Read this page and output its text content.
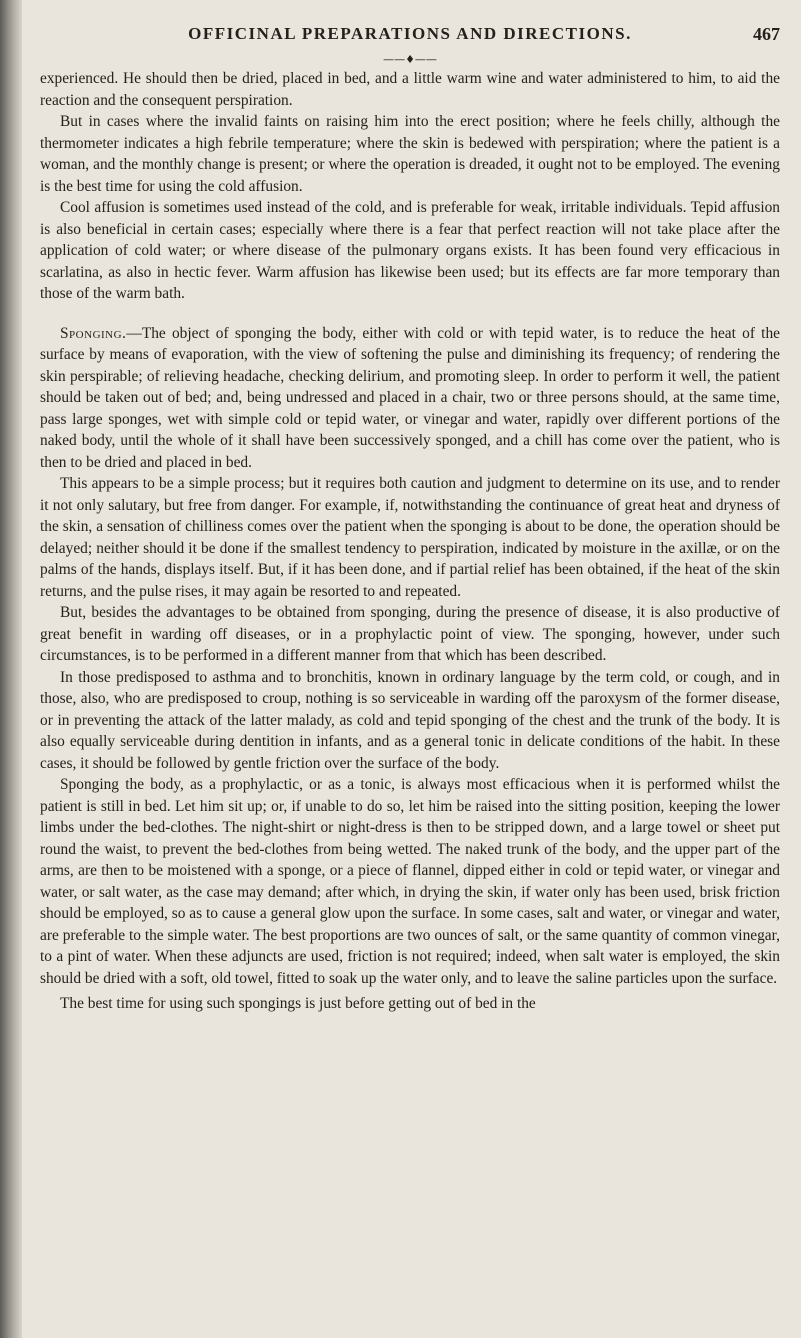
OFFICINAL PREPARATIONS AND DIRECTIONS.	467
——♦——

experienced. He should then be dried, placed in bed, and a little warm wine and water administered to him, to aid the reaction and the consequent perspiration.

But in cases where the invalid faints on raising him into the erect position; where he feels chilly, although the thermometer indicates a high febrile temperature; where the skin is bedewed with perspiration; where the patient is a woman, and the monthly change is present; or where the operation is dreaded, it ought not to be employed. The evening is the best time for using the cold affusion.

Cool affusion is sometimes used instead of the cold, and is preferable for weak, irritable individuals. Tepid affusion is also beneficial in certain cases; especially where there is a fear that perfect reaction will not take place after the application of cold water; or where disease of the pulmonary organs exists. It has been found very efficacious in scarlatina, as also in hectic fever. Warm affusion has likewise been used; but its effects are far more temporary than those of the warm bath.

Sponging.—The object of sponging the body, either with cold or with tepid water, is to reduce the heat of the surface by means of evaporation, with the view of softening the pulse and diminishing its frequency; of rendering the skin perspirable; of relieving headache, checking delirium, and promoting sleep. In order to perform it well, the patient should be taken out of bed; and, being undressed and placed in a chair, two or three persons should, at the same time, pass large sponges, wet with simple cold or tepid water, or vinegar and water, rapidly over different portions of the naked body, until the whole of it shall have been successively sponged, and a chill has come over the patient, who is then to be dried and placed in bed.

This appears to be a simple process; but it requires both caution and judgment to determine on its use, and to render it not only salutary, but free from danger. For example, if, notwithstanding the continuance of great heat and dryness of the skin, a sensation of chilliness comes over the patient when the sponging is about to be done, the operation should be delayed; neither should it be done if the smallest tendency to perspiration, indicated by moisture in the axillæ, or on the palms of the hands, displays itself. But, if it has been done, and if partial relief has been obtained, if the heat of the skin returns, and the pulse rises, it may again be resorted to and repeated.

But, besides the advantages to be obtained from sponging, during the presence of disease, it is also productive of great benefit in warding off diseases, or in a prophylactic point of view. The sponging, however, under such circumstances, is to be performed in a different manner from that which has been described.

In those predisposed to asthma and to bronchitis, known in ordinary language by the term cold, or cough, and in those, also, who are predisposed to croup, nothing is so serviceable in warding off the paroxysm of the former disease, or in preventing the attack of the latter malady, as cold and tepid sponging of the chest and the trunk of the body. It is also equally serviceable during dentition in infants, and as a general tonic in delicate conditions of the habit. In these cases, it should be followed by gentle friction over the surface of the body.

Sponging the body, as a prophylactic, or as a tonic, is always most efficacious when it is performed whilst the patient is still in bed. Let him sit up; or, if unable to do so, let him be raised into the sitting position, keeping the lower limbs under the bed-clothes. The night-shirt or night-dress is then to be stripped down, and a large towel or sheet put round the waist, to prevent the bed-clothes from being wetted. The naked trunk of the body, and the upper part of the arms, are then to be moistened with a sponge, or a piece of flannel, dipped either in cold or tepid water, or vinegar and water, or salt water, as the case may demand; after which, in drying the skin, if water only has been used, brisk friction should be employed, so as to cause a general glow upon the surface. In some cases, salt and water, or vinegar and water, are preferable to the simple water. The best proportions are two ounces of salt, or the same quantity of common vinegar, to a pint of water. When these adjuncts are used, friction is not required; indeed, when salt water is employed, the skin should be dried with a soft, old towel, fitted to soak up the water only, and to leave the saline particles upon the surface.

The best time for using such spongings is just before getting out of bed in the
